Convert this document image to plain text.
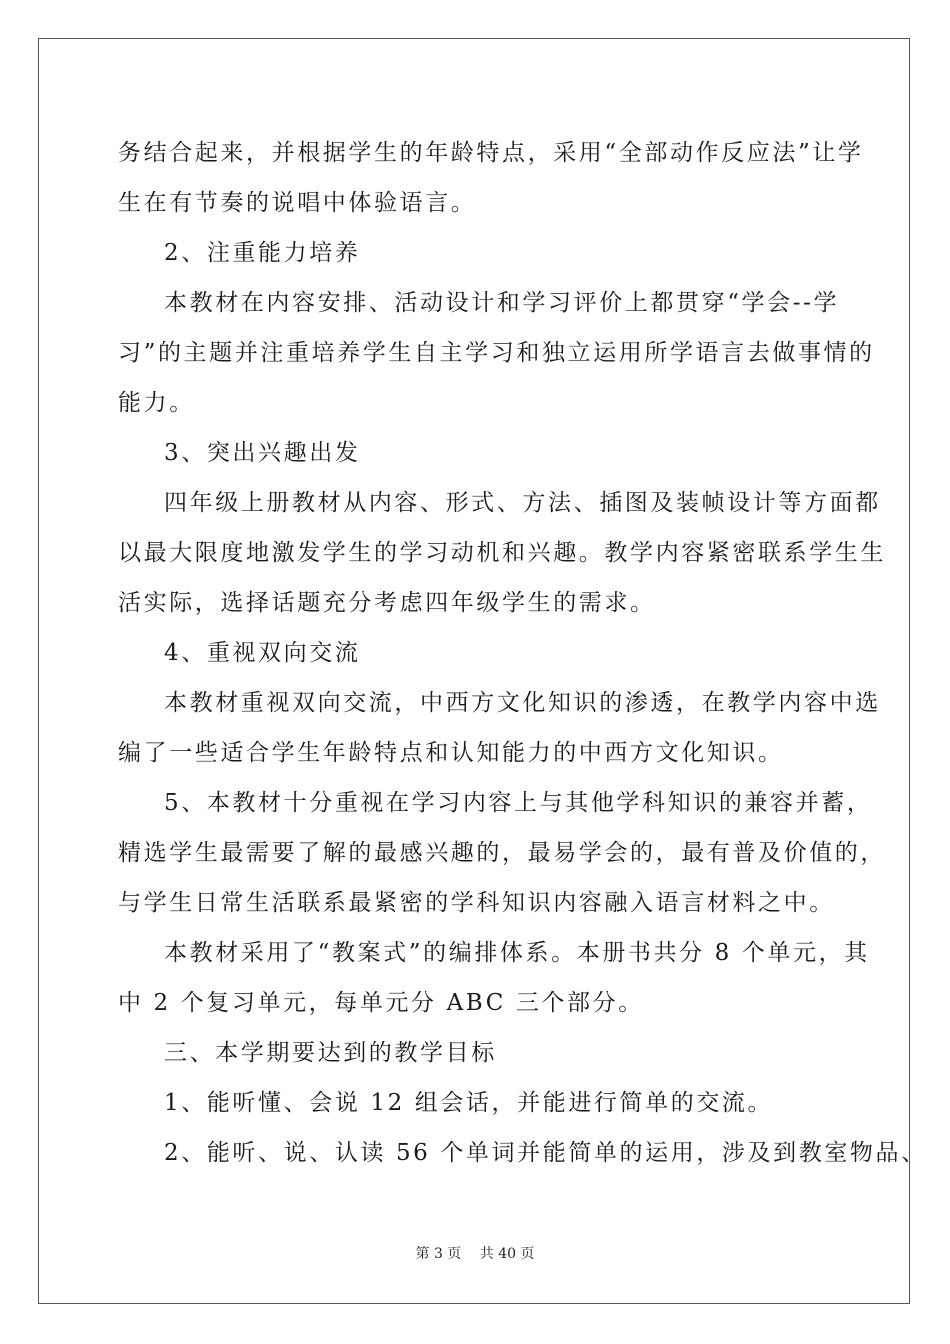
务结合起来，并根据学生的年龄特点，采用“全部动作反应法”让学
生在有节奏的说唱中体验语言。
2、注重能力培养
本教材在内容安排、活动设计和学习评价上都贯穿“学会--学
习”的主题并注重培养学生自主学习和独立运用所学语言去做事情的
能力。
3、突出兴趣出发
四年级上册教材从内容、形式、方法、插图及装帧设计等方面都
以最大限度地激发学生的学习动机和兴趣。教学内容紧密联系学生生
活实际，选择话题充分考虑四年级学生的需求。
4、重视双向交流
本教材重视双向交流，中西方文化知识的渗透，在教学内容中选
编了一些适合学生年龄特点和认知能力的中西方文化知识。
5、本教材十分重视在学习内容上与其他学科知识的兼容并蓄，
精选学生最需要了解的最感兴趣的，最易学会的，最有普及价值的，
与学生日常生活联系最紧密的学科知识内容融入语言材料之中。
本教材采用了“教案式”的编排体系。本册书共分 8 个单元，其
中 2 个复习单元，每单元分 ABC 三个部分。
三、本学期要达到的教学目标
1、能听懂、会说 12 组会话，并能进行简单的交流。
2、能听、说、认读 56 个单词并能简单的运用，涉及到教室物品、
第 3 页 共 40 页
